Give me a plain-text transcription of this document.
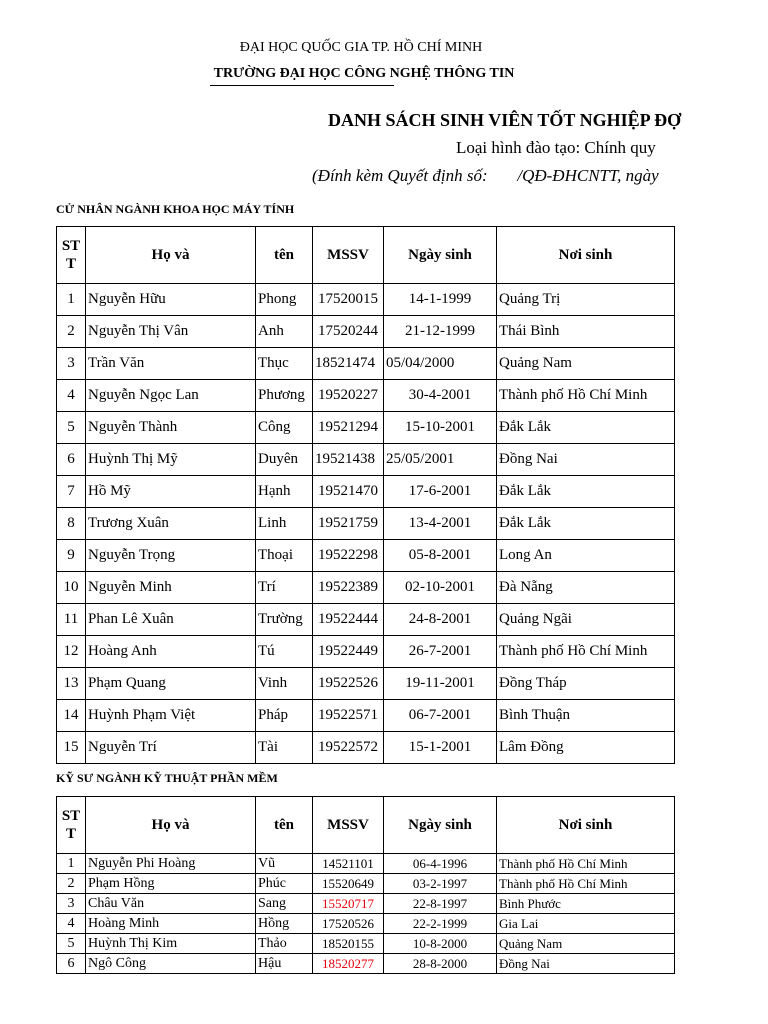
ĐẠI HỌC QUỐC GIA TP. HỒ CHÍ MINH
TRƯỜNG ĐẠI HỌC CÔNG NGHỆ THÔNG TIN
DANH SÁCH SINH VIÊN TỐT NGHIỆP ĐỢ
Loại hình đào tạo: Chính quy
(Đính kèm Quyết định số:       /QĐ-ĐHCNTT, ngày
CỬ NHÂN NGÀNH KHOA HỌC MÁY TÍNH
ST T	Họ và	tên	MSSV	Ngày sinh	Nơi sinh
1	Nguyễn Hữu	Phong	17520015	14-1-1999	Quảng Trị
2	Nguyễn Thị Vân	Anh	17520244	21-12-1999	Thái Bình
3	Trần Văn	Thục	18521474	05/04/2000	Quảng Nam
4	Nguyễn Ngọc Lan	Phương	19520227	30-4-2001	Thành phố Hồ Chí Minh
5	Nguyễn Thành	Công	19521294	15-10-2001	Đắk Lắk
6	Huỳnh Thị Mỹ	Duyên	19521438	25/05/2001	Đồng Nai
7	Hồ Mỹ	Hạnh	19521470	17-6-2001	Đắk Lắk
8	Trương Xuân	Linh	19521759	13-4-2001	Đắk Lắk
9	Nguyễn Trọng	Thoại	19522298	05-8-2001	Long An
10	Nguyễn Minh	Trí	19522389	02-10-2001	Đà Nẵng
11	Phan Lê Xuân	Trường	19522444	24-8-2001	Quảng Ngãi
12	Hoàng Anh	Tú	19522449	26-7-2001	Thành phố Hồ Chí Minh
13	Phạm Quang	Vinh	19522526	19-11-2001	Đồng Tháp
14	Huỳnh Phạm Việt	Pháp	19522571	06-7-2001	Bình Thuận
15	Nguyễn Trí	Tài	19522572	15-1-2001	Lâm Đồng
KỸ SƯ NGÀNH KỸ THUẬT PHẦN MỀM
ST T	Họ và	tên	MSSV	Ngày sinh	Nơi sinh
1	Nguyễn Phi Hoàng	Vũ	14521101	06-4-1996	Thành phố Hồ Chí Minh
2	Phạm Hồng	Phúc	15520649	03-2-1997	Thành phố Hồ Chí Minh
3	Châu Văn	Sang	15520717	22-8-1997	Bình Phước
4	Hoàng Minh	Hồng	17520526	22-2-1999	Gia Lai
5	Huỳnh Thị Kim	Thảo	18520155	10-8-2000	Quảng Nam
6	Ngô Công	Hậu	18520277	28-8-2000	Đồng Nai
